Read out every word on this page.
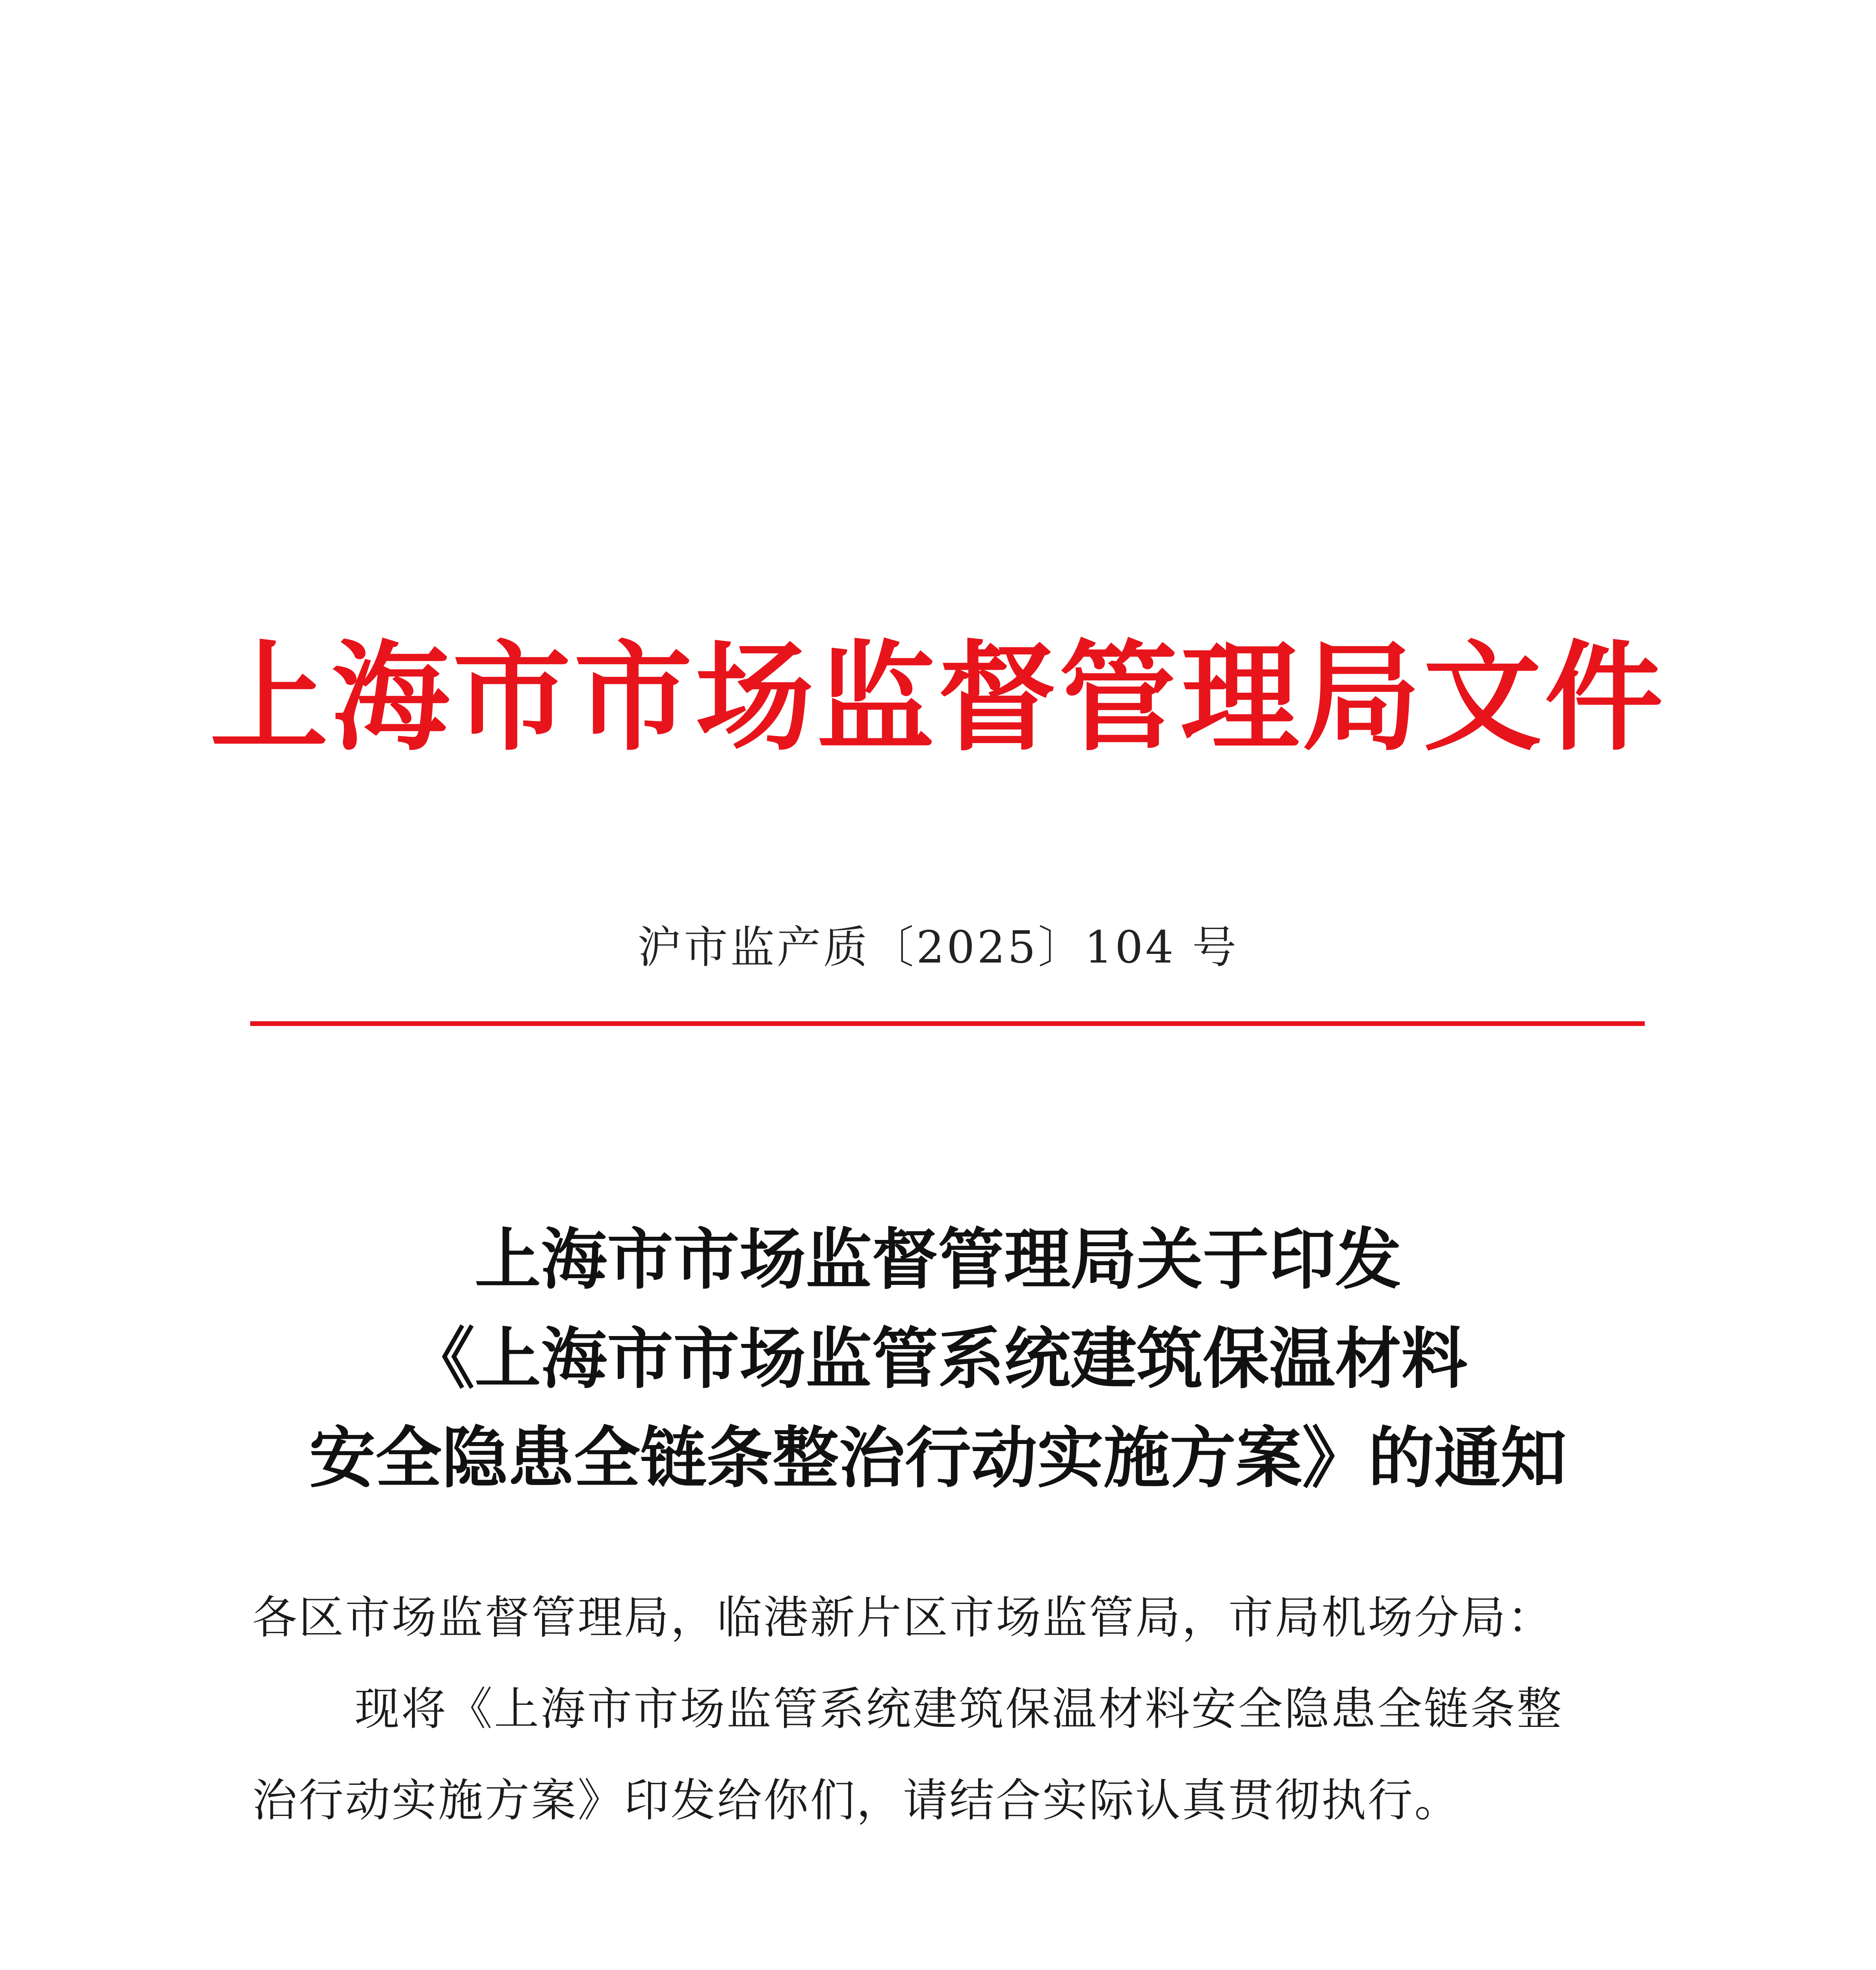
上海市市场监督管理局文件
沪市监产质〔2025〕104 号
上海市市场监督管理局关于印发
《上海市市场监管系统建筑保温材料
安全隐患全链条整治行动实施方案》的通知
各区市场监督管理局，临港新片区市场监管局，市局机场分局：
现将《上海市市场监管系统建筑保温材料安全隐患全链条整
治行动实施方案》印发给你们，请结合实际认真贯彻执行。
